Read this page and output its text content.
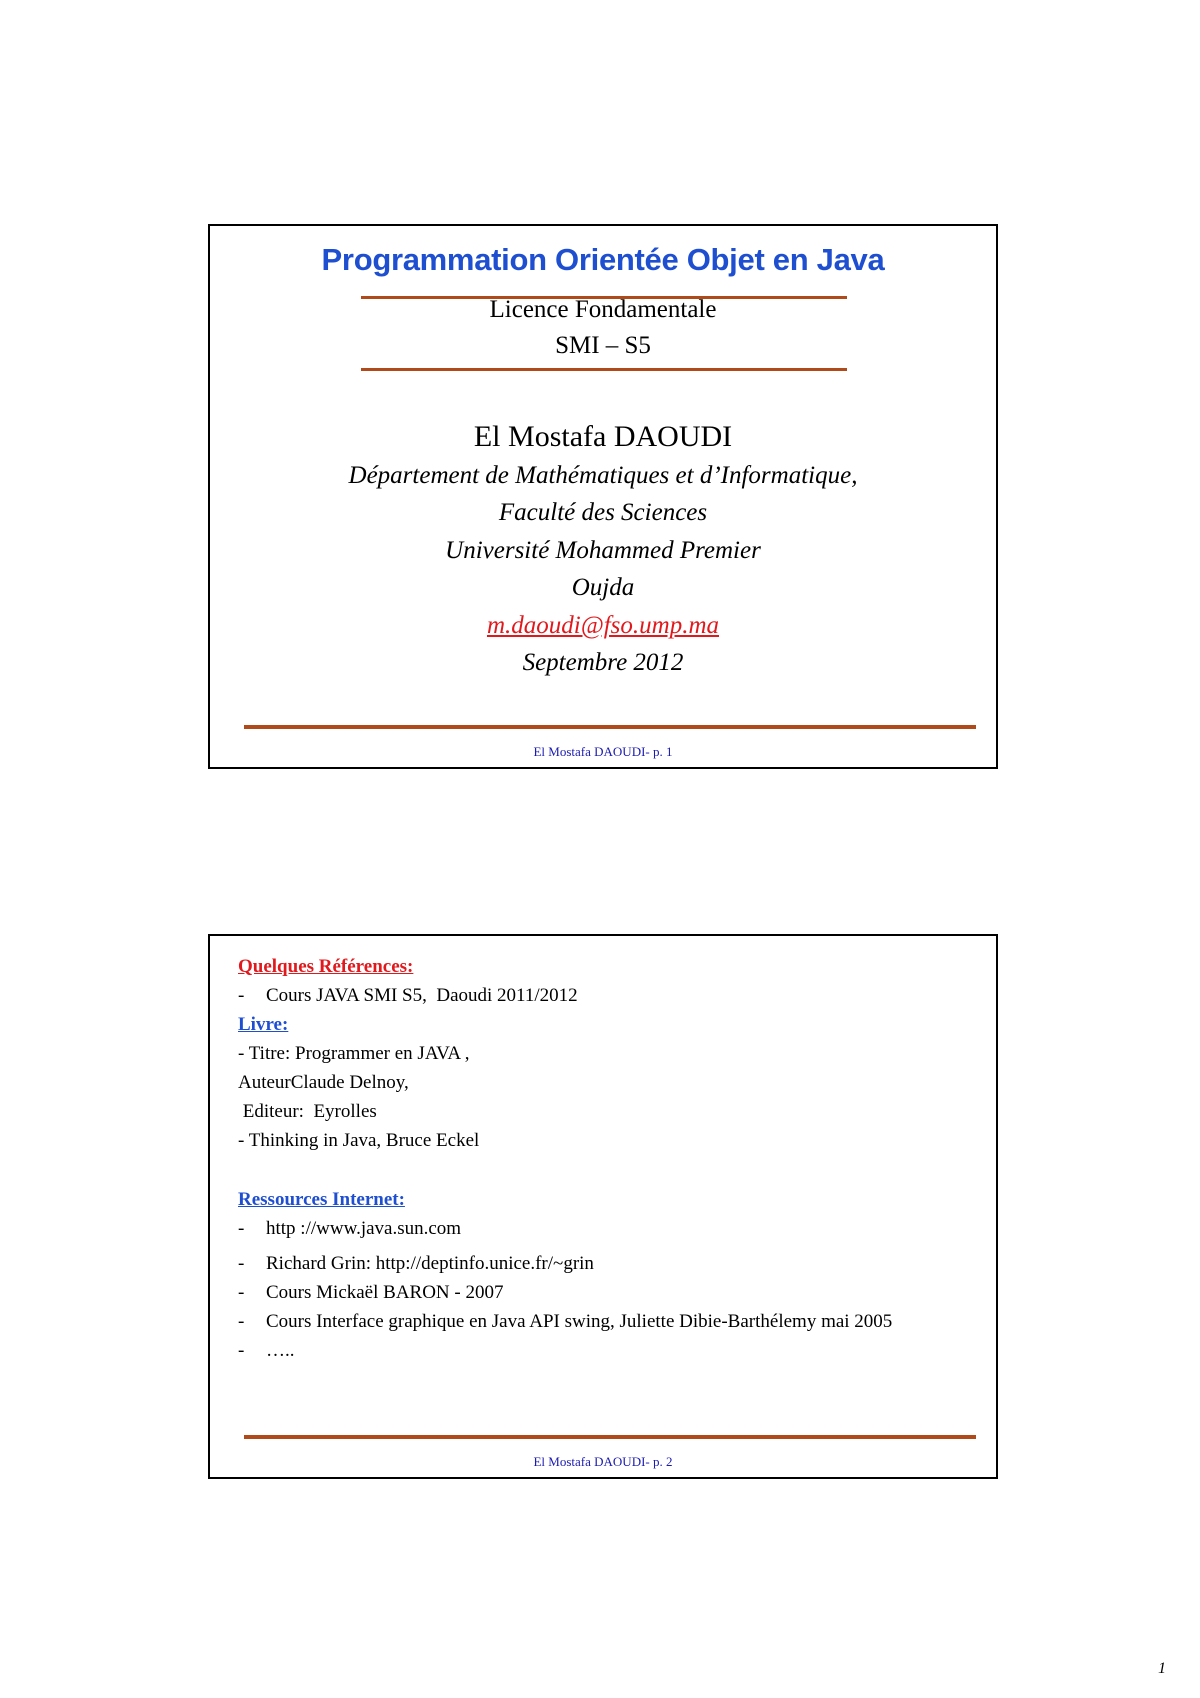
Programmation Orientée Objet en Java
Licence Fondamentale
SMI – S5
El Mostafa DAOUDI
Département de Mathématiques et d’Informatique,
Faculté des Sciences
Université Mohammed Premier
Oujda
m.daoudi@fso.ump.ma
Septembre 2012
El Mostafa DAOUDI- p. 1
Quelques Références:
-	Cours JAVA SMI S5,  Daoudi 2011/2012
Livre:
- Titre: Programmer en JAVA ,
AuteurClaude Delnoy,
Editeur:  Eyrolles
- Thinking in Java, Bruce Eckel
Ressources Internet:
-	http ://www.java.sun.com
-	Richard Grin: http://deptinfo.unice.fr/~grin
-	Cours Mickaël BARON - 2007
-	Cours Interface graphique en Java API swing, Juliette Dibie-Barthélemy mai 2005
-	…..
El Mostafa DAOUDI- p. 2
1
